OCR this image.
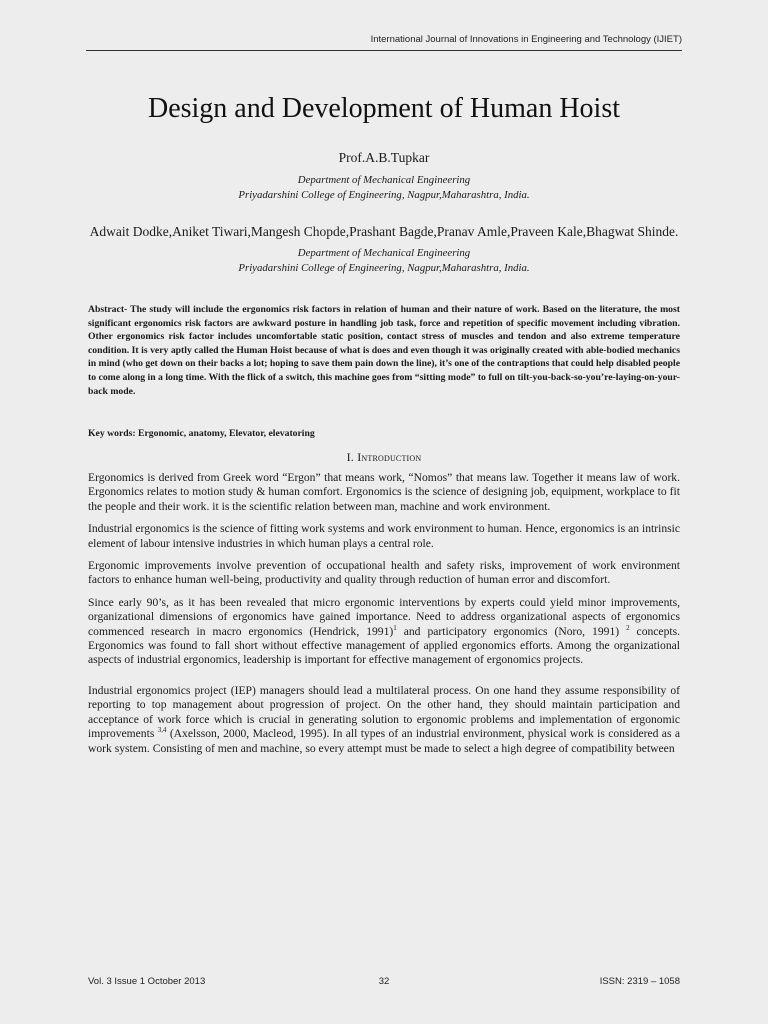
International Journal of Innovations in Engineering and Technology (IJIET)
Design and Development of Human Hoist
Prof.A.B.Tupkar
Department of Mechanical Engineering
Priyadarshini College of Engineering, Nagpur,Maharashtra, India.
Adwait Dodke,Aniket Tiwari,Mangesh Chopde,Prashant Bagde,Pranav Amle,Praveen Kale,Bhagwat Shinde.
Department of Mechanical Engineering
Priyadarshini College of Engineering, Nagpur,Maharashtra, India.
Abstract- The study will include the ergonomics risk factors in relation of human and their nature of work. Based on the literature, the most significant ergonomics risk factors are awkward posture in handling job task, force and repetition of specific movement including vibration. Other ergonomics risk factor includes uncomfortable static position, contact stress of muscles and tendon and also extreme temperature condition. It is very aptly called the Human Hoist because of what is does and even though it was originally created with able-bodied mechanics in mind (who get down on their backs a lot; hoping to save them pain down the line), it’s one of the contraptions that could help disabled people to come along in a long time. With the flick of a switch, this machine goes from “sitting mode” to full on tilt-you-back-so-you’re-laying-on-your-back mode.
Key words: Ergonomic, anatomy, Elevator, elevatoring
I. Introduction

Ergonomics is derived from Greek word “Ergon” that means work, “Nomos” that means law. Together it means law of work. Ergonomics relates to motion study & human comfort. Ergonomics is the science of designing job, equipment, workplace to fit the people and their work. it is the scientific relation between man, machine and work environment.

Industrial ergonomics is the science of fitting work systems and work environment to human. Hence, ergonomics is an intrinsic element of labour intensive industries in which human plays a central role.

Ergonomic improvements involve prevention of occupational health and safety risks, improvement of work environment factors to enhance human well-being, productivity and quality through reduction of human error and discomfort.

Since early 90’s, as it has been revealed that micro ergonomic interventions by experts could yield minor improvements, organizational dimensions of ergonomics have gained importance. Need to address organizational aspects of ergonomics commenced research in macro ergonomics (Hendrick, 1991)$^1$ and participatory ergonomics (Noro, 1991) $^2$ concepts. Ergonomics was found to fall short without effective management of applied ergonomics efforts. Among the organizational aspects of industrial ergonomics, leadership is important for effective management of ergonomics projects.

Industrial ergonomics project (IEP) managers should lead a multilateral process. On one hand they assume responsibility of reporting to top management about progression of project. On the other hand, they should maintain participation and acceptance of work force which is crucial in generating solution to ergonomic problems and implementation of ergonomic improvements $^{3,4}$ (Axelsson, 2000, Macleod, 1995). In all types of an industrial environment, physical work is considered as a work system. Consisting of men and machine, so every attempt must be made to select a high degree of compatibility between

Vol. 3 Issue 1 October 2013	32	ISSN: 2319 – 1058
